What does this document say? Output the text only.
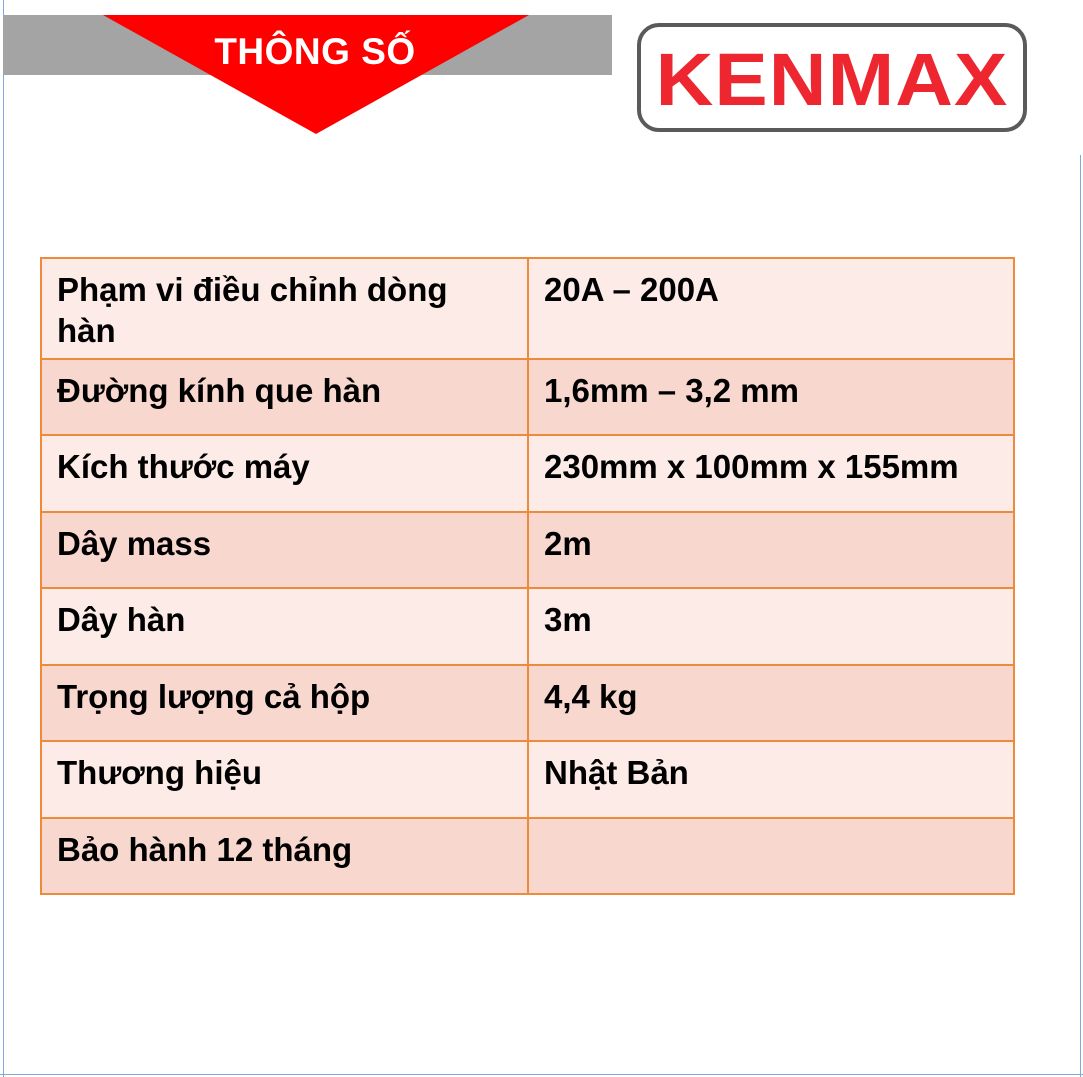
THÔNG SỐ	KENMAX
Phạm vi điều chỉnh dòng hàn	20A – 200A
Đường kính que hàn	1,6mm – 3,2 mm
Kích thước máy	230mm x 100mm x 155mm
Dây mass	2m
Dây hàn	3m
Trọng lượng cả hộp	4,4 kg
Thương hiệu	Nhật Bản
Bảo hành 12 tháng	
